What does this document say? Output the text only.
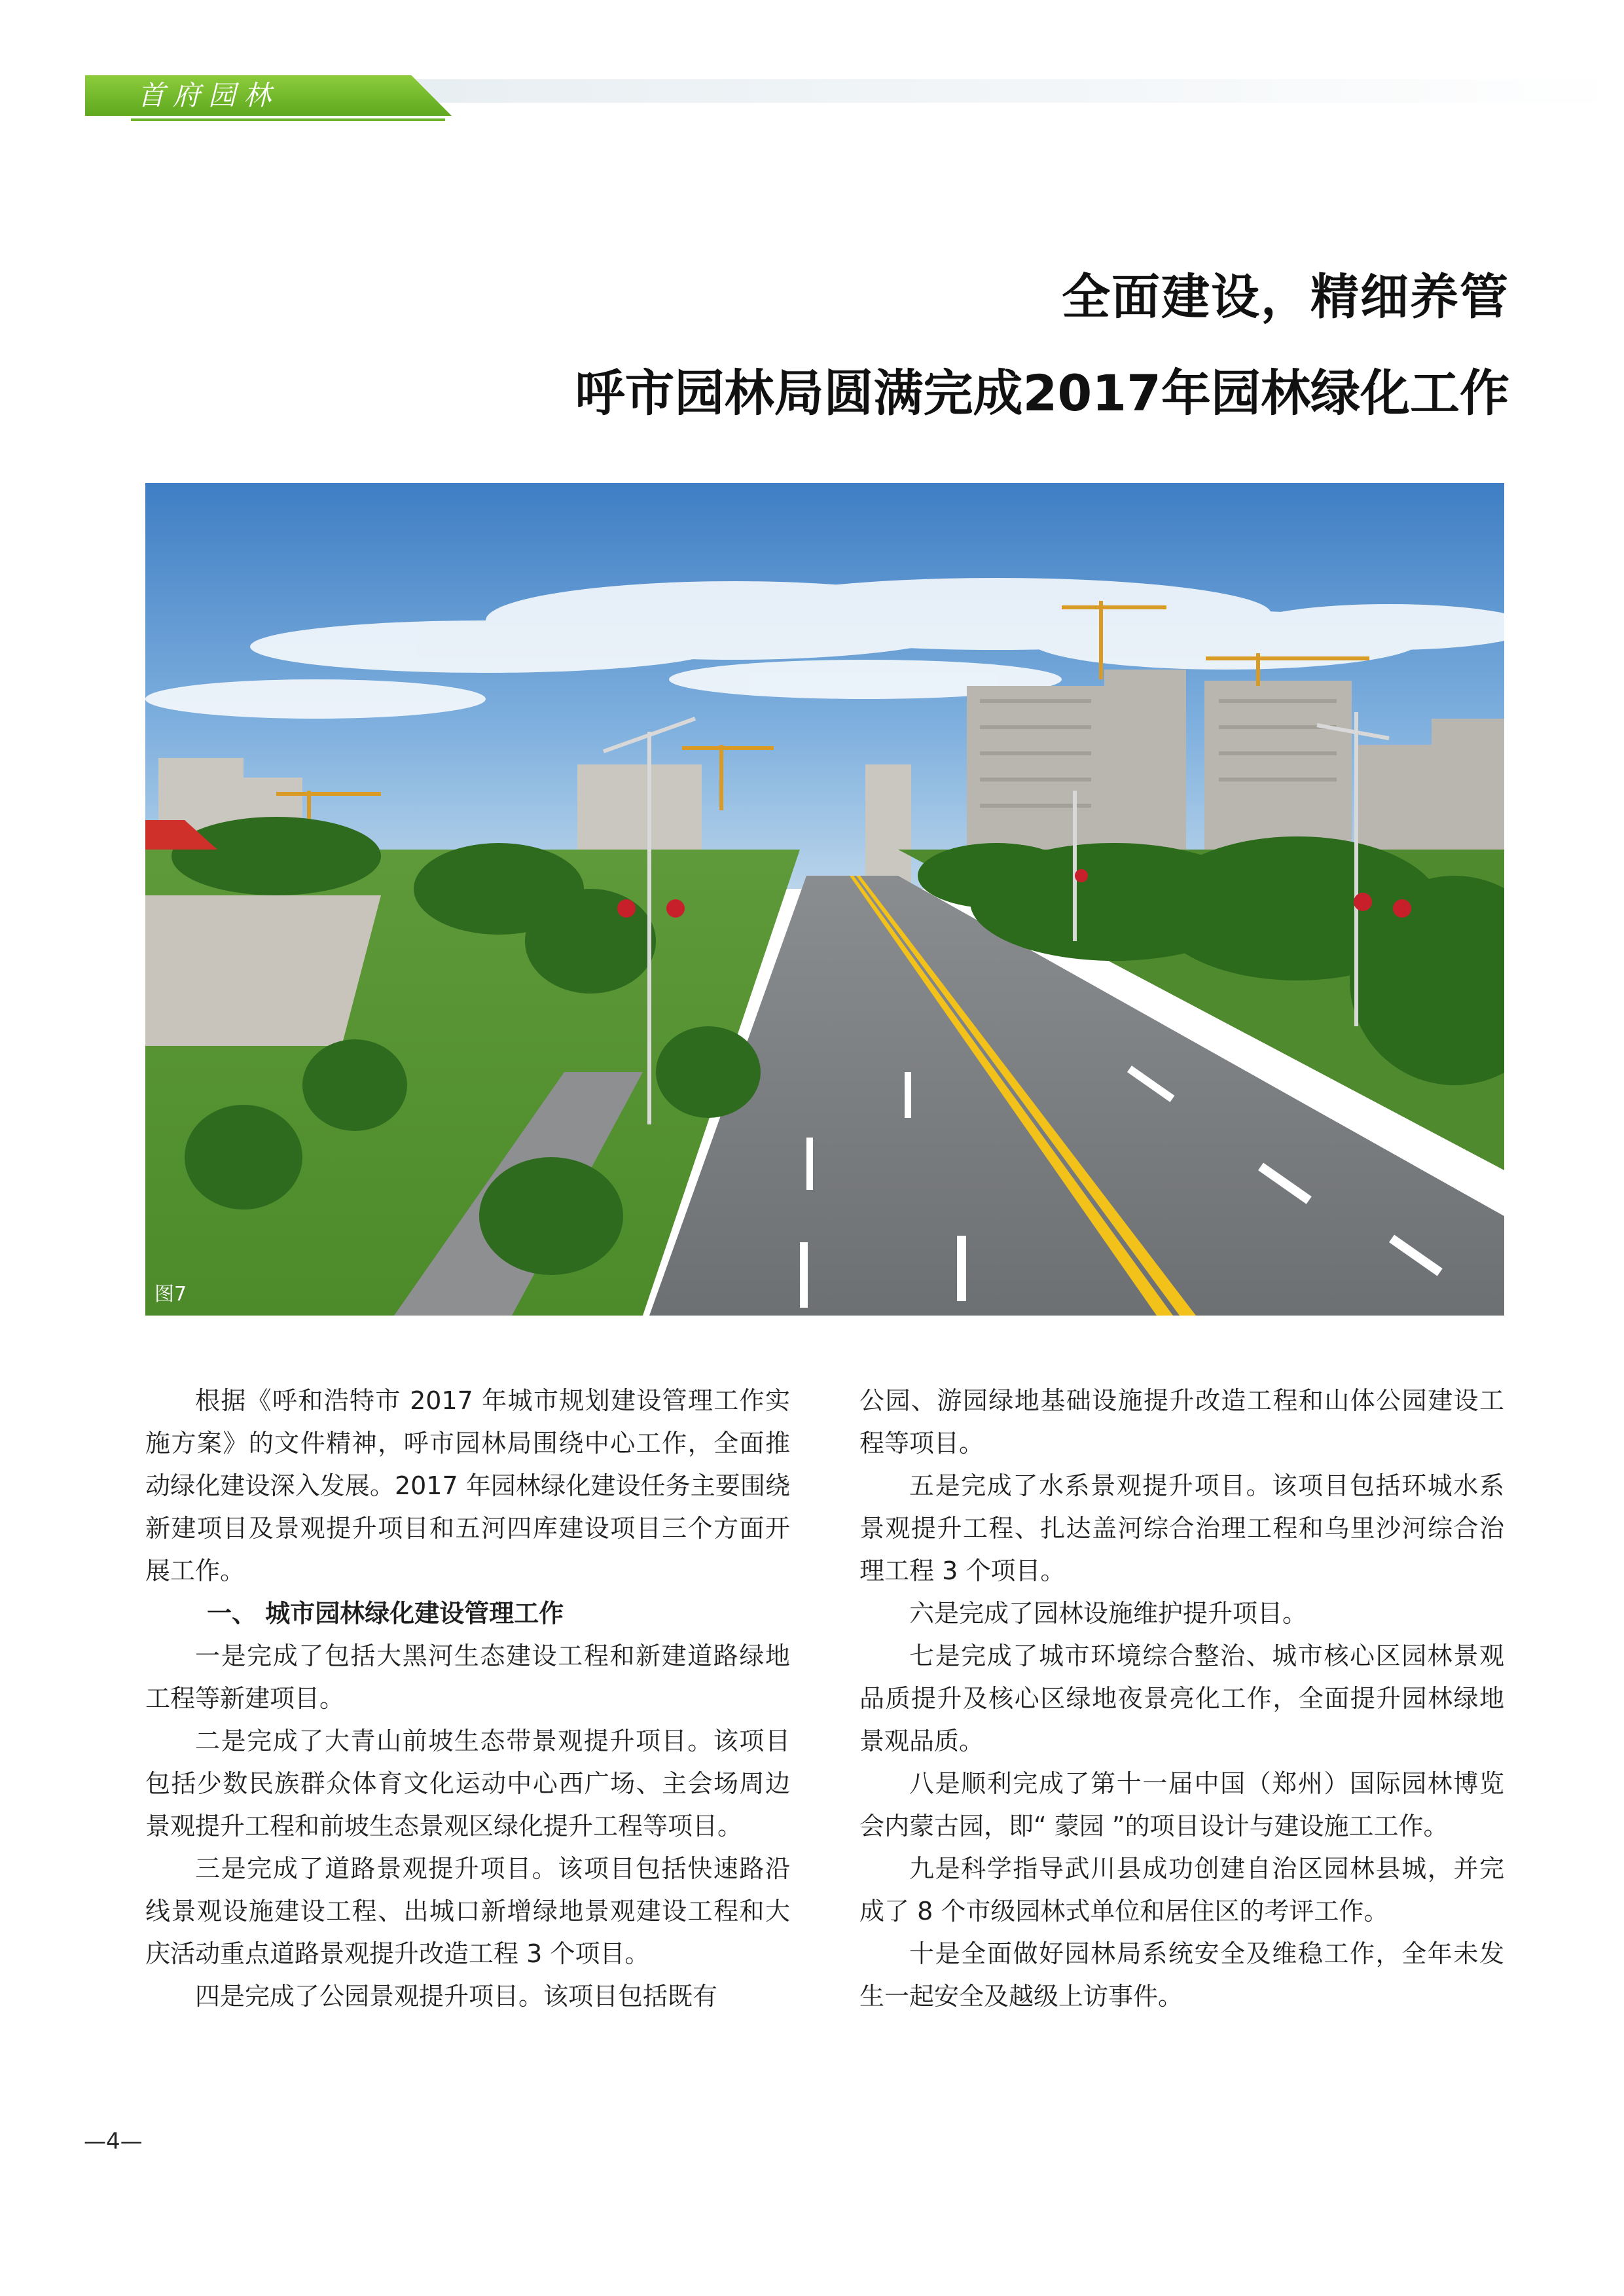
首府园林
全面建设，精细养管
呼市园林局圆满完成2017年园林绿化工作
图7

根据《呼和浩特市 2017 年城市规划建设管理工作实施方案》的文件精神，呼市园林局围绕中心工作，全面推动绿化建设深入发展。2017 年园林绿化建设任务主要围绕新建项目及景观提升项目和五河四库建设项目三个方面开展工作。

一、 城市园林绿化建设管理工作

一是完成了包括大黑河生态建设工程和新建道路绿地工程等新建项目。

二是完成了大青山前坡生态带景观提升项目。该项目包括少数民族群众体育文化运动中心西广场、主会场周边景观提升工程和前坡生态景观区绿化提升工程等项目。

三是完成了道路景观提升项目。该项目包括快速路沿线景观设施建设工程、出城口新增绿地景观建设工程和大庆活动重点道路景观提升改造工程 3 个项目。

四是完成了公园景观提升项目。该项目包括既有

公园、游园绿地基础设施提升改造工程和山体公园建设工程等项目。

五是完成了水系景观提升项目。该项目包括环城水系景观提升工程、扎达盖河综合治理工程和乌里沙河综合治理工程 3 个项目。

六是完成了园林设施维护提升项目。

七是完成了城市环境综合整治、城市核心区园林景观品质提升及核心区绿地夜景亮化工作，全面提升园林绿地景观品质。

八是顺利完成了第十一届中国（郑州）国际园林博览会内蒙古园，即“ 蒙园 ”的项目设计与建设施工工作。

九是科学指导武川县成功创建自治区园林县城，并完成了 8 个市级园林式单位和居住区的考评工作。

十是全面做好园林局系统安全及维稳工作，全年未发生一起安全及越级上访事件。

—4—
